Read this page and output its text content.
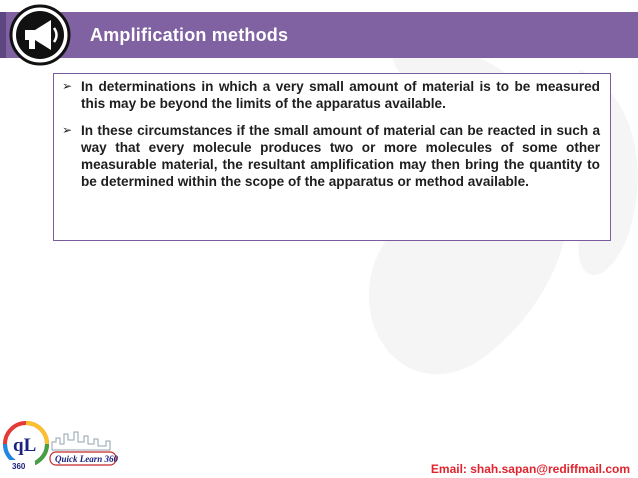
Amplification methods
➢ In determinations in which a very small amount of material is to be measured this may be beyond the limits of the apparatus available.
➢ In these circumstances if the small amount of material can be reacted in such a way that every molecule produces two or more molecules of some other measurable material, the resultant amplification may then bring the quantity to be determined within the scope of the apparatus or method available.
qL
360
Quick Learn 360
Email: shah.sapan@rediffmail.com
